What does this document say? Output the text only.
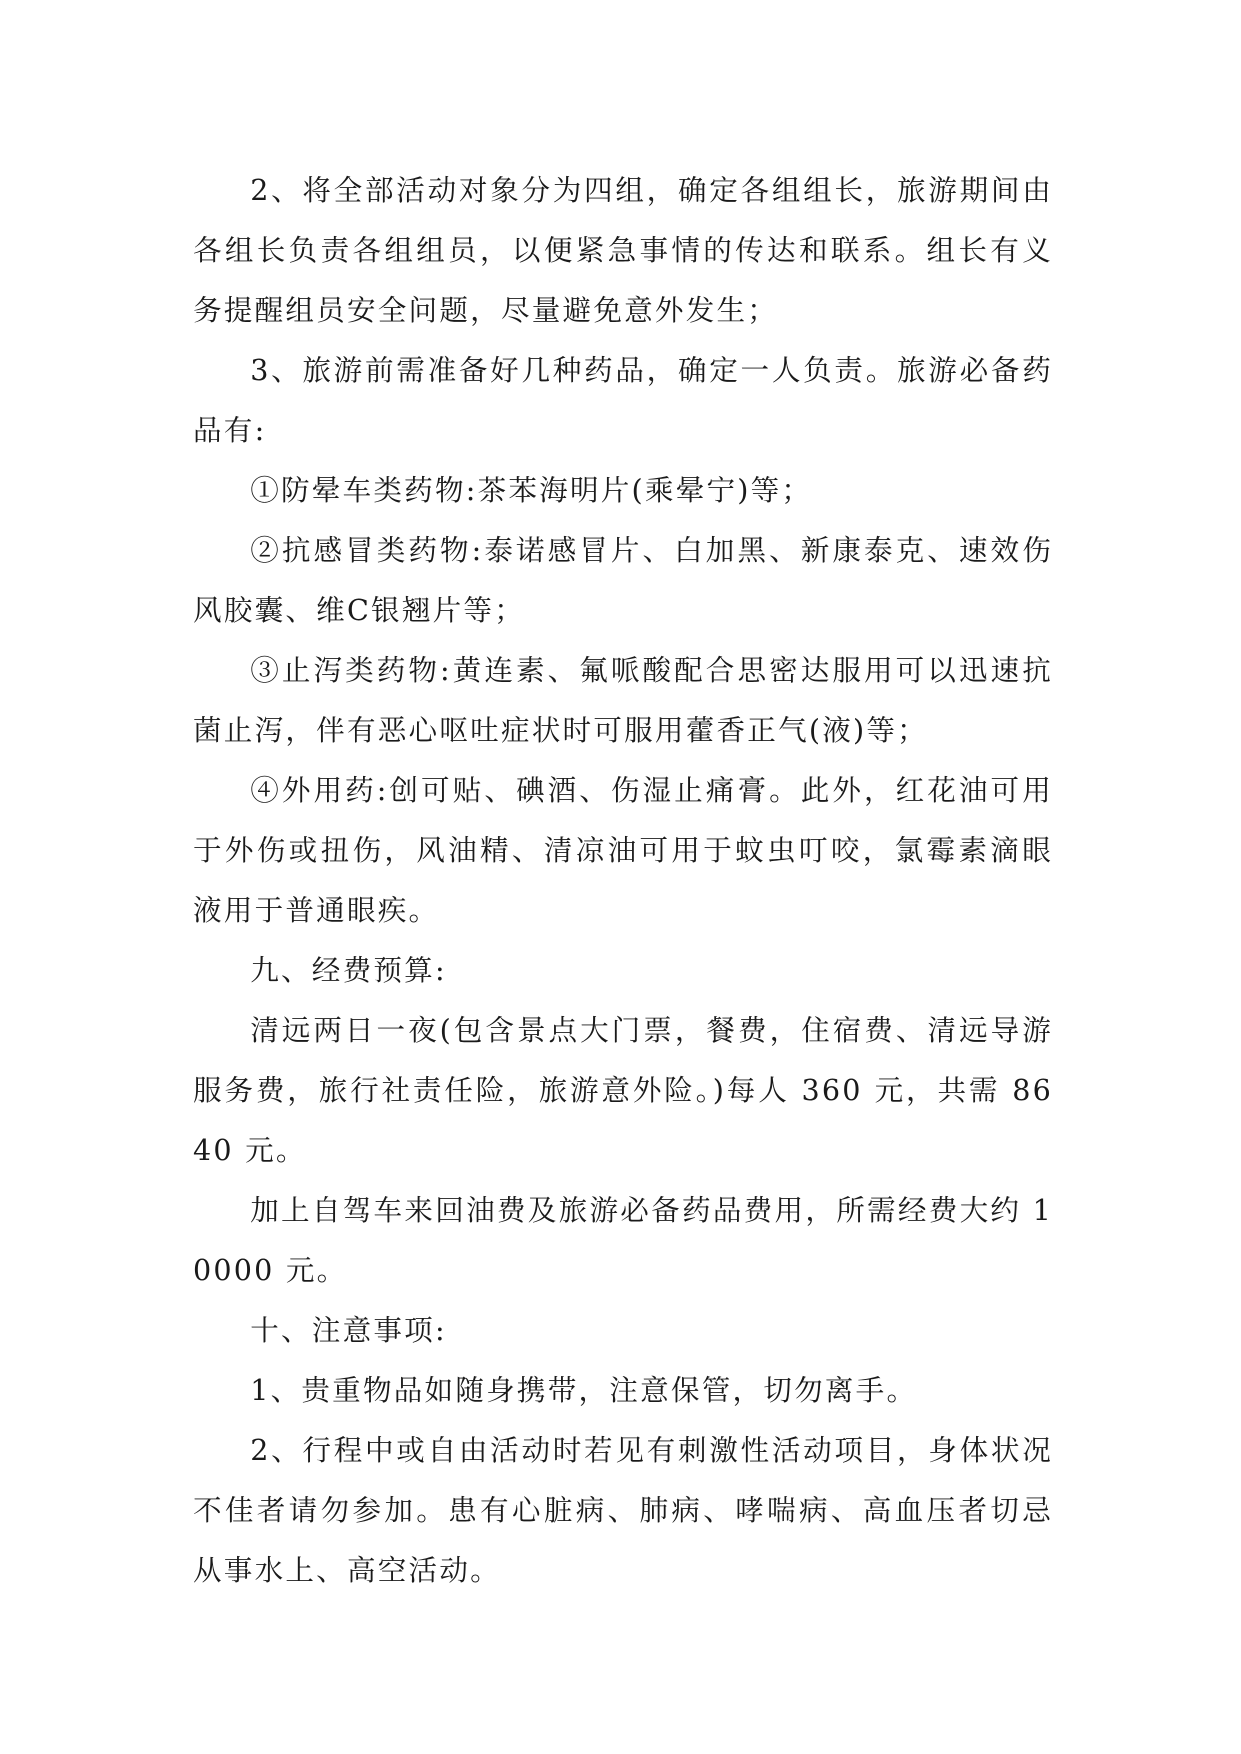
2、将全部活动对象分为四组，确定各组组长，旅游期间由各组长负责各组组员，以便紧急事情的传达和联系。组长有义务提醒组员安全问题，尽量避免意外发生；

3、旅游前需准备好几种药品，确定一人负责。旅游必备药品有:

①防晕车类药物:茶苯海明片(乘晕宁)等；

②抗感冒类药物:泰诺感冒片、白加黑、新康泰克、速效伤风胶囊、维C银翘片等；

③止泻类药物:黄连素、氟哌酸配合思密达服用可以迅速抗菌止泻，伴有恶心呕吐症状时可服用藿香正气(液)等；

④外用药:创可贴、碘酒、伤湿止痛膏。此外，红花油可用于外伤或扭伤，风油精、清凉油可用于蚊虫叮咬，氯霉素滴眼液用于普通眼疾。

九、经费预算:

清远两日一夜(包含景点大门票，餐费，住宿费、清远导游服务费，旅行社责任险，旅游意外险。)每人 360 元，共需 8640 元。

加上自驾车来回油费及旅游必备药品费用，所需经费大约 10000 元。

十、注意事项:

1、贵重物品如随身携带，注意保管，切勿离手。

2、行程中或自由活动时若见有刺激性活动项目，身体状况不佳者请勿参加。患有心脏病、肺病、哮喘病、高血压者切忌从事水上、高空活动。
